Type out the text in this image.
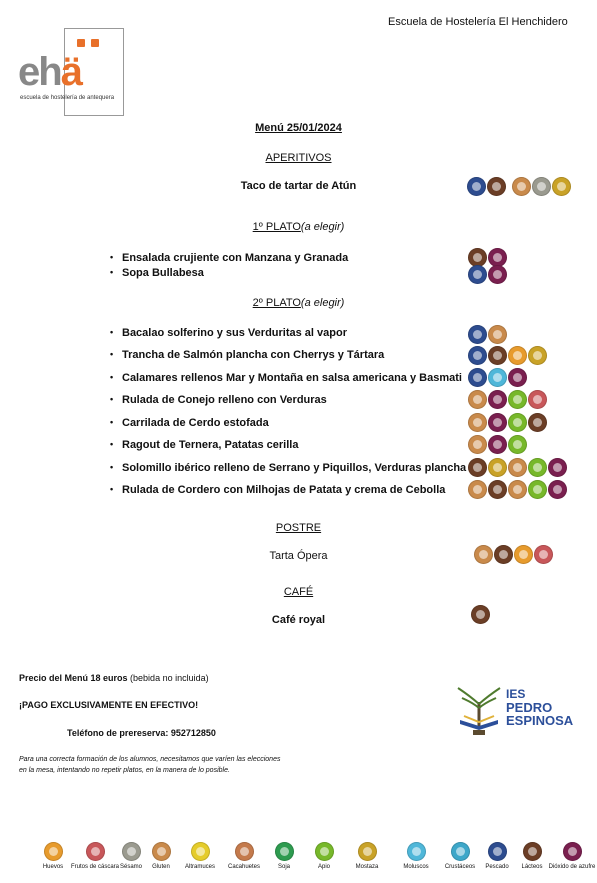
Escuela de Hostelería El Henchidero
ehä
escuela de hostelería de antequera
Menú 25/01/2024
APERITIVOS
Taco de tartar de Atún
1º PLATO(a elegir)
• Ensalada crujiente con Manzana y Granada
• Sopa Bullabesa
2º PLATO(a elegir)
• Bacalao solferino y sus Verduritas al vapor
• Trancha de Salmón plancha con Cherrys y Tártara
• Calamares rellenos Mar y Montaña en salsa americana y Basmati
• Rulada de Conejo relleno con Verduras
• Carrilada de Cerdo estofada
• Ragout de Ternera, Patatas cerilla
• Solomillo ibérico relleno de Serrano y Piquillos, Verduras plancha
• Rulada de Cordero con Milhojas de Patata y crema de Cebolla
POSTRE
Tarta Ópera
CAFÉ
Café royal
Precio del Menú 18 euros (bebida no incluida)
¡PAGO EXCLUSIVAMENTE EN EFECTIVO!
Teléfono de prereserva: 952712850
Para una correcta formación de los alumnos, necesitamos que varíen las elecciones en la mesa, intentando no repetir platos, en la manera de lo posible.
IES
PEDRO
ESPINOSA
Huevos	Frutos de cáscara Sésamo	Gluten	Altramuces	Cacahuetes	Soja	Apio	Mostaza	Moluscos	Crustáceos	Pescado	Lácteos	Dióxido de azufre
